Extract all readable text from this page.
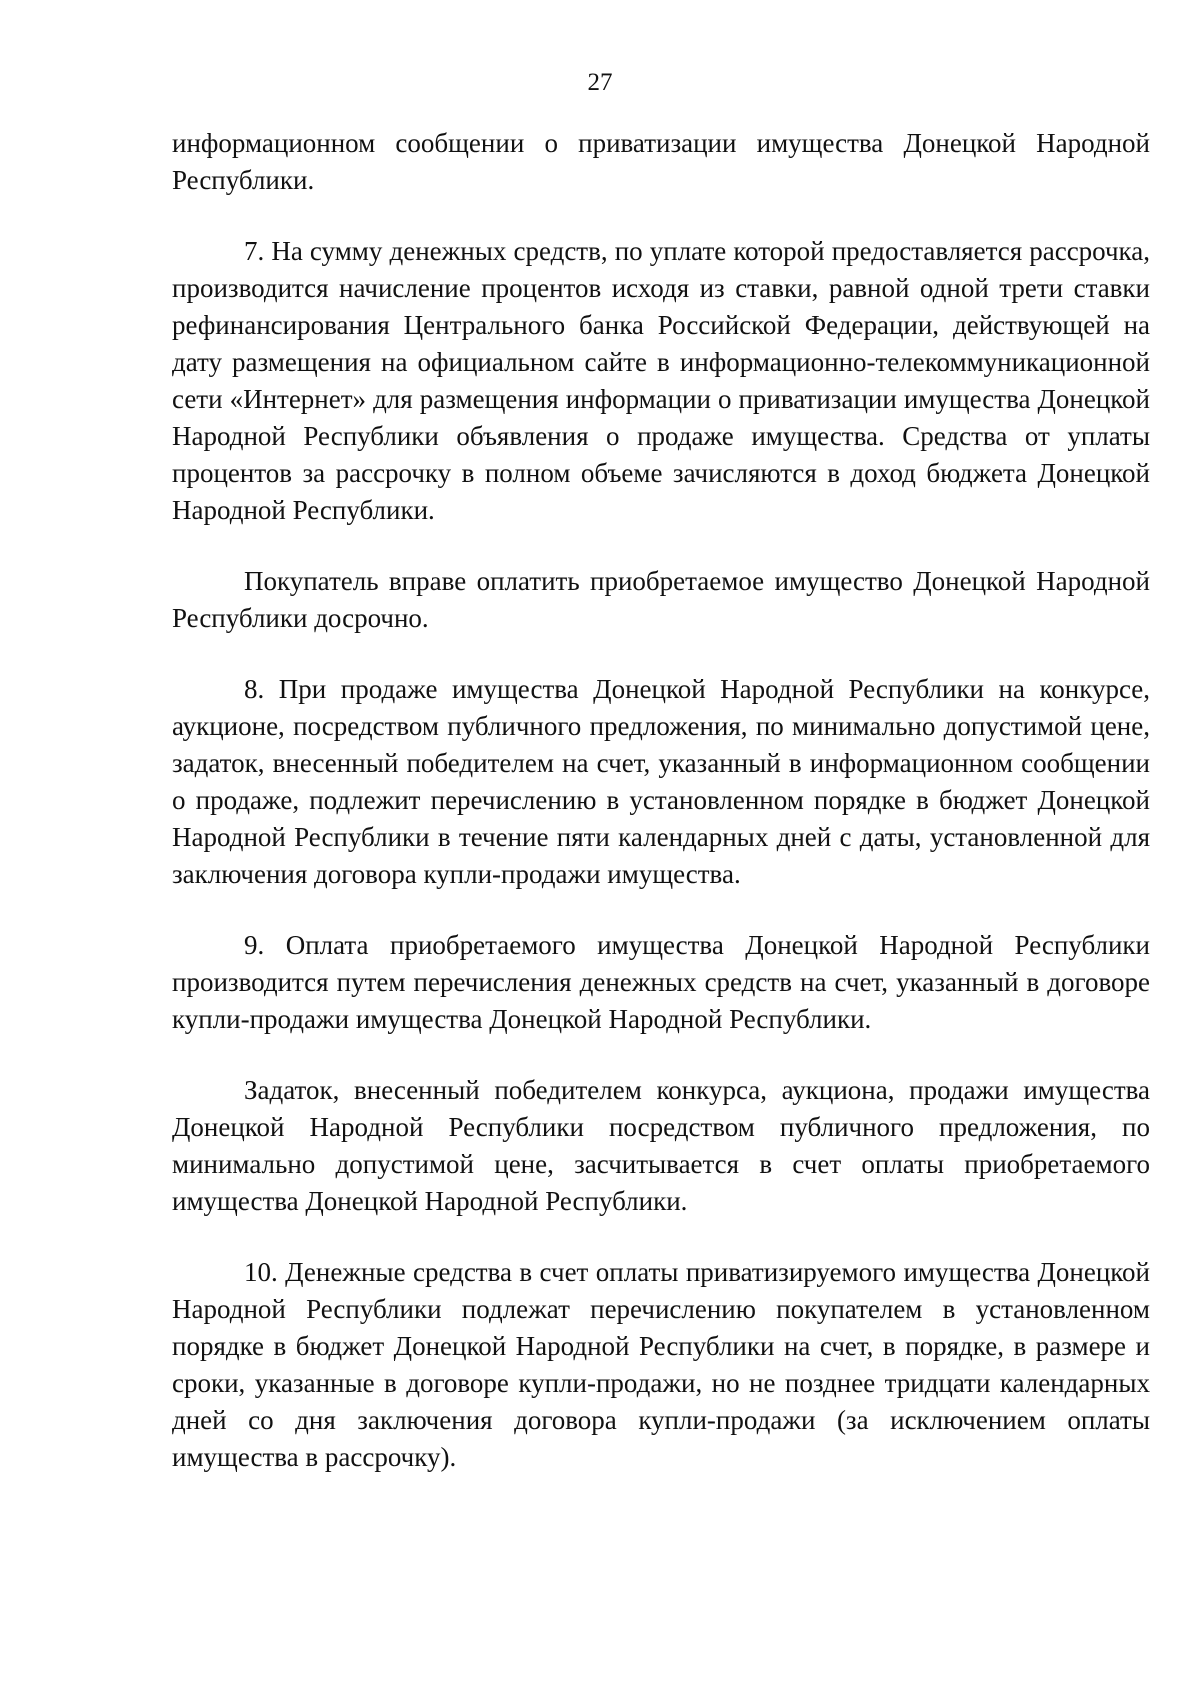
27

информационном сообщении о приватизации имущества Донецкой Народной Республики.

7. На сумму денежных средств, по уплате которой предоставляется рассрочка, производится начисление процентов исходя из ставки, равной одной трети ставки рефинансирования Центрального банка Российской Федерации, действующей на дату размещения на официальном сайте в информационно-телекоммуникационной сети «Интернет» для размещения информации о приватизации имущества Донецкой Народной Республики объявления о продаже имущества. Средства от уплаты процентов за рассрочку в полном объеме зачисляются в доход бюджета Донецкой Народной Республики.

Покупатель вправе оплатить приобретаемое имущество Донецкой Народной Республики досрочно.

8. При продаже имущества Донецкой Народной Республики на конкурсе, аукционе, посредством публичного предложения, по минимально допустимой цене, задаток, внесенный победителем на счет, указанный в информационном сообщении о продаже, подлежит перечислению в установленном порядке в бюджет Донецкой Народной Республики в течение пяти календарных дней с даты, установленной для заключения договора купли-продажи имущества.

9. Оплата приобретаемого имущества Донецкой Народной Республики производится путем перечисления денежных средств на счет, указанный в договоре купли-продажи имущества Донецкой Народной Республики.

Задаток, внесенный победителем конкурса, аукциона, продажи имущества Донецкой Народной Республики посредством публичного предложения, по минимально допустимой цене, засчитывается в счет оплаты приобретаемого имущества Донецкой Народной Республики.

10. Денежные средства в счет оплаты приватизируемого имущества Донецкой Народной Республики подлежат перечислению покупателем в установленном порядке в бюджет Донецкой Народной Республики на счет, в порядке, в размере и сроки, указанные в договоре купли-продажи, но не позднее тридцати календарных дней со дня заключения договора купли-продажи (за исключением оплаты имущества в рассрочку).
